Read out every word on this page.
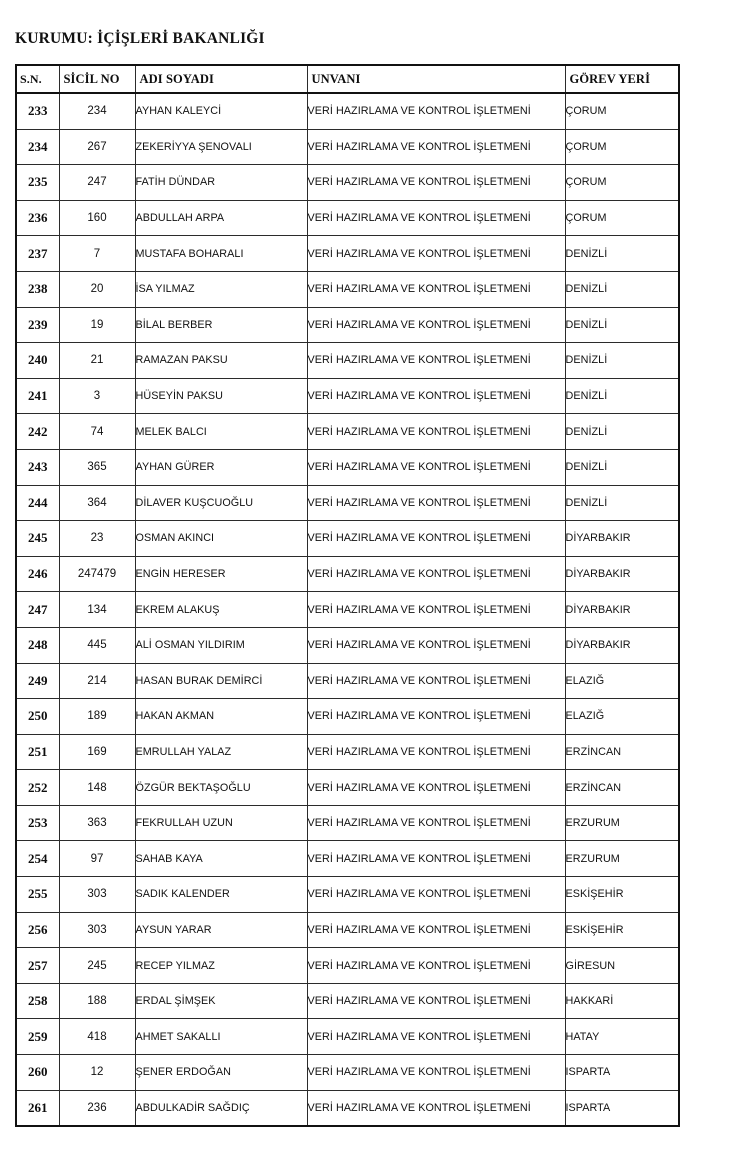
KURUMU: İÇİŞLERİ BAKANLIĞI
S.N.	SİCİL NO	ADI SOYADI	UNVANI	GÖREV YERİ
233	234	AYHAN KALEYCİ	VERİ HAZIRLAMA VE KONTROL İŞLETMENİ	ÇORUM
234	267	ZEKERİYYA ŞENOVALI	VERİ HAZIRLAMA VE KONTROL İŞLETMENİ	ÇORUM
235	247	FATİH DÜNDAR	VERİ HAZIRLAMA VE KONTROL İŞLETMENİ	ÇORUM
236	160	ABDULLAH ARPA	VERİ HAZIRLAMA VE KONTROL İŞLETMENİ	ÇORUM
237	7	MUSTAFA BOHARALI	VERİ HAZIRLAMA VE KONTROL İŞLETMENİ	DENİZLİ
238	20	İSA YILMAZ	VERİ HAZIRLAMA VE KONTROL İŞLETMENİ	DENİZLİ
239	19	BİLAL BERBER	VERİ HAZIRLAMA VE KONTROL İŞLETMENİ	DENİZLİ
240	21	RAMAZAN PAKSU	VERİ HAZIRLAMA VE KONTROL İŞLETMENİ	DENİZLİ
241	3	HÜSEYİN PAKSU	VERİ HAZIRLAMA VE KONTROL İŞLETMENİ	DENİZLİ
242	74	MELEK BALCI	VERİ HAZIRLAMA VE KONTROL İŞLETMENİ	DENİZLİ
243	365	AYHAN GÜRER	VERİ HAZIRLAMA VE KONTROL İŞLETMENİ	DENİZLİ
244	364	DİLAVER KUŞCUOĞLU	VERİ HAZIRLAMA VE KONTROL İŞLETMENİ	DENİZLİ
245	23	OSMAN AKINCI	VERİ HAZIRLAMA VE KONTROL İŞLETMENİ	DİYARBAKIR
246	247479	ENGİN HERESER	VERİ HAZIRLAMA VE KONTROL İŞLETMENİ	DİYARBAKIR
247	134	EKREM ALAKUŞ	VERİ HAZIRLAMA VE KONTROL İŞLETMENİ	DİYARBAKIR
248	445	ALİ OSMAN YILDIRIM	VERİ HAZIRLAMA VE KONTROL İŞLETMENİ	DİYARBAKIR
249	214	HASAN BURAK DEMİRCİ	VERİ HAZIRLAMA VE KONTROL İŞLETMENİ	ELAZIĞ
250	189	HAKAN AKMAN	VERİ HAZIRLAMA VE KONTROL İŞLETMENİ	ELAZIĞ
251	169	EMRULLAH YALAZ	VERİ HAZIRLAMA VE KONTROL İŞLETMENİ	ERZİNCAN
252	148	ÖZGÜR BEKTAŞOĞLU	VERİ HAZIRLAMA VE KONTROL İŞLETMENİ	ERZİNCAN
253	363	FEKRULLAH UZUN	VERİ HAZIRLAMA VE KONTROL İŞLETMENİ	ERZURUM
254	97	SAHAB KAYA	VERİ HAZIRLAMA VE KONTROL İŞLETMENİ	ERZURUM
255	303	SADIK KALENDER	VERİ HAZIRLAMA VE KONTROL İŞLETMENİ	ESKİŞEHİR
256	303	AYSUN YARAR	VERİ HAZIRLAMA VE KONTROL İŞLETMENİ	ESKİŞEHİR
257	245	RECEP YILMAZ	VERİ HAZIRLAMA VE KONTROL İŞLETMENİ	GİRESUN
258	188	ERDAL ŞİMŞEK	VERİ HAZIRLAMA VE KONTROL İŞLETMENİ	HAKKARİ
259	418	AHMET SAKALLI	VERİ HAZIRLAMA VE KONTROL İŞLETMENİ	HATAY
260	12	ŞENER ERDOĞAN	VERİ HAZIRLAMA VE KONTROL İŞLETMENİ	ISPARTA
261	236	ABDULKADİR SAĞDIÇ	VERİ HAZIRLAMA VE KONTROL İŞLETMENİ	ISPARTA
